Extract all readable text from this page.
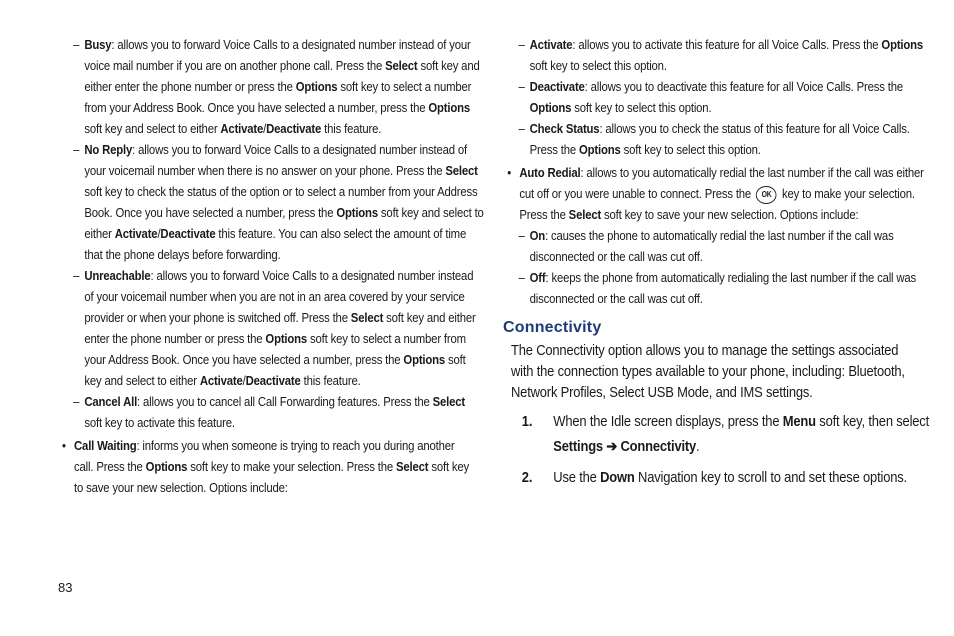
– Busy: allows you to forward Voice Calls to a designated number instead of your voice mail number if you are on another phone call. Press the Select soft key and either enter the phone number or press the Options soft key to select a number from your Address Book. Once you have selected a number, press the Options soft key and select to either Activate/Deactivate this feature.
– No Reply: allows you to forward Voice Calls to a designated number instead of your voicemail number when there is no answer on your phone. Press the Select soft key to check the status of the option or to select a number from your Address Book. Once you have selected a number, press the Options soft key and select to either Activate/Deactivate this feature. You can also select the amount of time that the phone delays before forwarding.
– Unreachable: allows you to forward Voice Calls to a designated number instead of your voicemail number when you are not in an area covered by your service provider or when your phone is switched off. Press the Select soft key and either enter the phone number or press the Options soft key to select a number from your Address Book. Once you have selected a number, press the Options soft key and select to either Activate/Deactivate this feature.
– Cancel All: allows you to cancel all Call Forwarding features. Press the Select soft key to activate this feature.
• Call Waiting: informs you when someone is trying to reach you during another call. Press the Options soft key to make your selection. Press the Select soft key to save your new selection. Options include:
– Activate: allows you to activate this feature for all Voice Calls. Press the Options soft key to select this option.
– Deactivate: allows you to deactivate this feature for all Voice Calls. Press the Options soft key to select this option.
– Check Status: allows you to check the status of this feature for all Voice Calls. Press the Options soft key to select this option.
• Auto Redial: allows to you automatically redial the last number if the call was either cut off or you were unable to connect. Press the OK key to make your selection. Press the Select soft key to save your new selection. Options include:
– On: causes the phone to automatically redial the last number if the call was disconnected or the call was cut off.
– Off: keeps the phone from automatically redialing the last number if the call was disconnected or the call was cut off.
Connectivity
The Connectivity option allows you to manage the settings associated with the connection types available to your phone, including: Bluetooth, Network Profiles, Select USB Mode, and IMS settings.
1. When the Idle screen displays, press the Menu soft key, then select Settings ➔ Connectivity.
2. Use the Down Navigation key to scroll to and set these options.
83
